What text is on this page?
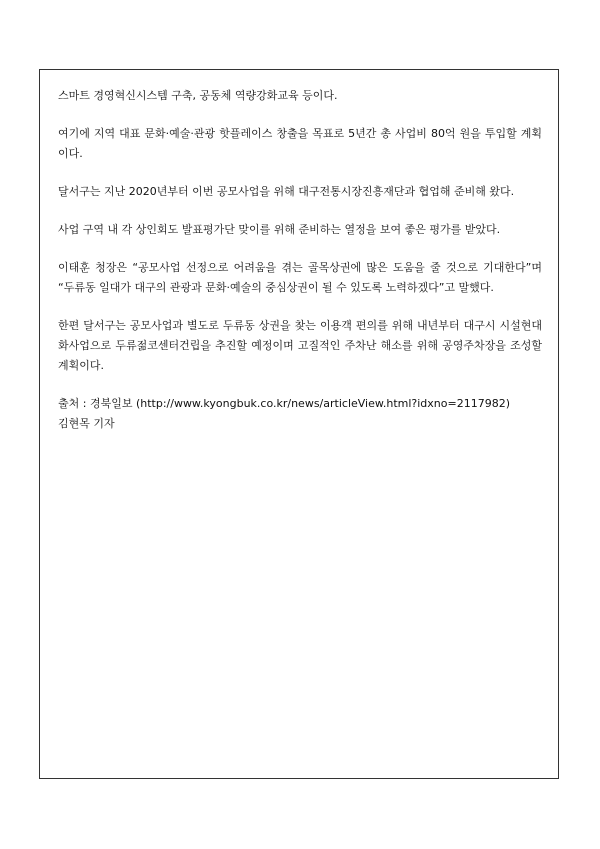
스마트 경영혁신시스템 구축, 공동체 역량강화교육 등이다.

여기에 지역 대표 문화·예술·관광 핫플레이스 창출을 목표로 5년간 총 사업비 80억 원을 투입할 계획이다.

달서구는 지난 2020년부터 이번 공모사업을 위해 대구전통시장진흥재단과 협업해 준비해 왔다.

사업 구역 내 각 상인회도 발표평가단 맞이를 위해 준비하는 열정을 보여 좋은 평가를 받았다.

이태훈 청장은 “공모사업 선정으로 어려움을 겪는 골목상권에 많은 도움을 줄 것으로 기대한다”며 “두류동 일대가 대구의 관광과 문화·예술의 중심상권이 될 수 있도록 노력하겠다”고 말했다.

한편 달서구는 공모사업과 별도로 두류동 상권을 찾는 이용객 편의를 위해 내년부터 대구시 시설현대화사업으로 두류젊코센터건립을 추진할 예정이며 고질적인 주차난 해소를 위해 공영주차장을 조성할 계획이다.

출처 : 경북일보 (http://www.kyongbuk.co.kr/news/articleView.html?idxno=2117982)
김현목 기자
